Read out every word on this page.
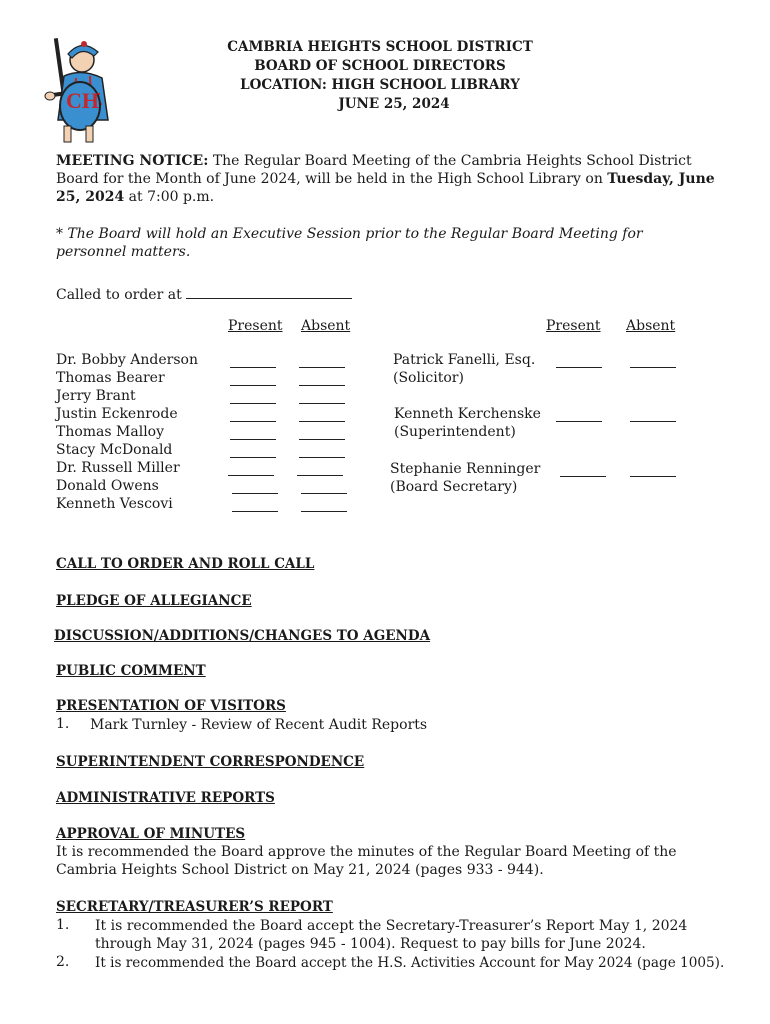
CH
CAMBRIA HEIGHTS SCHOOL DISTRICT
BOARD OF SCHOOL DIRECTORS
LOCATION: HIGH SCHOOL LIBRARY
JUNE 25, 2024
MEETING NOTICE: The Regular Board Meeting of the Cambria Heights School District Board for the Month of June 2024, will be held in the High School Library on Tuesday, June 25, 2024 at 7:00 p.m.
* The Board will hold an Executive Session prior to the Regular Board Meeting for personnel matters.
Called to order at
Present Absent	Present Absent
Dr. Bobby Anderson
Thomas Bearer
Jerry Brant
Justin Eckenrode
Thomas Malloy
Stacy McDonald
Dr. Russell Miller
Donald Owens
Kenneth Vescovi
Patrick Fanelli, Esq.
(Solicitor)
Kenneth Kerchenske
(Superintendent)
Stephanie Renninger
(Board Secretary)
CALL TO ORDER AND ROLL CALL
PLEDGE OF ALLEGIANCE
DISCUSSION/ADDITIONS/CHANGES TO AGENDA
PUBLIC COMMENT
PRESENTATION OF VISITORS
1. Mark Turnley - Review of Recent Audit Reports
SUPERINTENDENT CORRESPONDENCE
ADMINISTRATIVE REPORTS
APPROVAL OF MINUTES
It is recommended the Board approve the minutes of the Regular Board Meeting of the Cambria Heights School District on May 21, 2024 (pages 933 - 944).
SECRETARY/TREASURER’S REPORT
1. It is recommended the Board accept the Secretary-Treasurer’s Report May 1, 2024
through May 31, 2024 (pages 945 - 1004). Request to pay bills for June 2024.
2. It is recommended the Board accept the H.S. Activities Account for May 2024 (page 1005).
